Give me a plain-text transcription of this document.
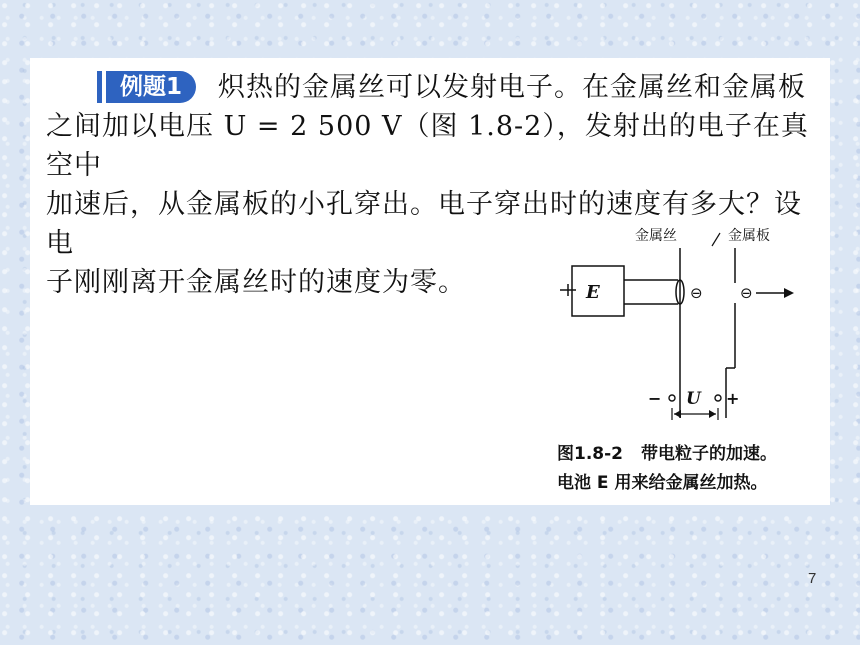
例题1 炽热的金属丝可以发射电子。在金属丝和金属板
之间加以电压 U = 2 500 V（图 1.8-2），发射出的电子在真空中
加速后，从金属板的小孔穿出。电子穿出时的速度有多大？设电
子刚刚离开金属丝时的速度为零。

金属丝	金属板
E	⊖ ⊖
− U +
图1.8-2 带电粒子的加速。
电池 E 用来给金属丝加热。
7
